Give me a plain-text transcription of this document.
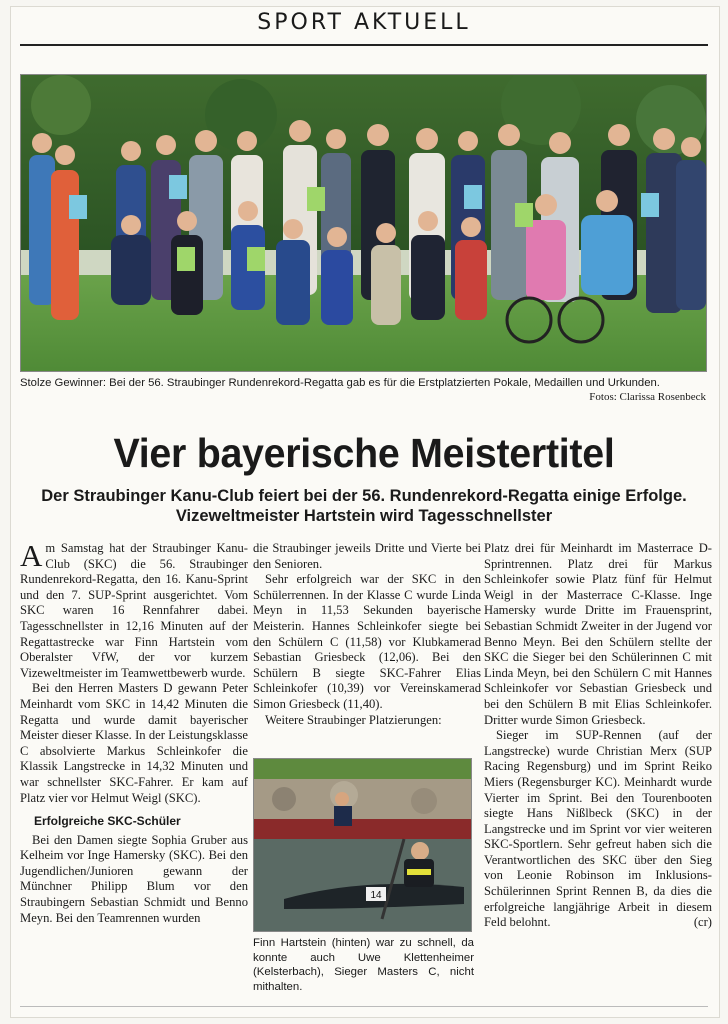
SPORT AKTUELL
Stolze Gewinner: Bei der 56. Straubinger Rundenrekord-Regatta gab es für die Erstplatzierten Pokale, Medaillen und Urkunden.
Fotos: Clarissa Rosenbeck
Vier bayerische Meistertitel
Der Straubinger Kanu-Club feiert bei der 56. Rundenrekord-Regatta einige Erfolge. Vizeweltmeister Hartstein wird Tagesschnellster

Am Samstag hat der Straubinger Kanu-Club (SKC) die 56. Straubinger Rundenrekord-Regatta, den 16. Kanu-Sprint und den 7. SUP-Sprint ausgerichtet. Vom SKC waren 16 Rennfahrer dabei. Tagesschnellster in 12,16 Minuten auf der Regattastrecke war Finn Hartstein vom Oberalster VfW, der vor kurzem Vizeweltmeister im Teamwettbewerb wurde.

Bei den Herren Masters D gewann Peter Meinhardt vom SKC in 14,42 Minuten die Regatta und wurde damit bayerischer Meister dieser Klasse. In der Leistungsklasse C absolvierte Markus Schleinkofer die Klassik Langstrecke in 14,32 Minuten und war schnellster SKC-Fahrer. Er kam auf Platz vier vor Helmut Weigl (SKC).

Erfolgreiche SKC-Schüler

Bei den Damen siegte Sophia Gruber aus Kelheim vor Inge Hamersky (SKC). Bei den Jugendlichen/Junioren gewann der Münchner Philipp Blum vor den Straubingern Sebastian Schmidt und Benno Meyn. Bei den Teamrennen wurden

die Straubinger jeweils Dritte und Vierte bei den Senioren.

Sehr erfolgreich war der SKC in den Schülerrennen. In der Klasse C wurde Linda Meyn in 11,53 Sekunden bayerische Meisterin. Hannes Schleinkofer siegte bei den Schülern C (11,58) vor Klubkamerad Sebastian Griesbeck (12,06). Bei den Schülern B siegte SKC-Fahrer Elias Schleinkofer (10,39) vor Vereinskamerad Simon Griesbeck (11,40).

Weitere Straubinger Platzierungen:

Platz drei für Meinhardt im Masterrace D-Sprintrennen. Platz drei für Markus Schleinkofer sowie Platz fünf für Helmut Weigl in der Masterrace C-Klasse. Inge Hamersky wurde Dritte im Frauensprint, Sebastian Schmidt Zweiter in der Jugend vor Benno Meyn. Bei den Schülern stellte der SKC die Sieger bei den Schülerinnen C mit Linda Meyn, bei den Schülern C mit Hannes Schleinkofer vor Sebastian Griesbeck und bei den Schülern B mit Elias Schleinkofer. Dritter wurde Simon Griesbeck.

Sieger im SUP-Rennen (auf der Langstrecke) wurde Christian Merx (SUP Racing Regensburg) und im Sprint Reiko Miers (Regensburger KC). Meinhardt wurde Vierter im Sprint. Bei den Tourenbooten siegte Hans Nißlbeck (SKC) in der Langstrecke und im Sprint vor vier weiteren SKC-Sportlern. Sehr gefreut haben sich die Verantwortlichen des SKC über den Sieg von Leonie Robinson im Inklusions-Schülerinnen Sprint Rennen B, da dies die erfolgreiche langjährige Arbeit in diesem Feld belohnt.	(cr)

14
Finn Hartstein (hinten) war zu schnell, da konnte auch Uwe Klettenheimer (Kelsterbach), Sieger Masters C, nicht mithalten.
